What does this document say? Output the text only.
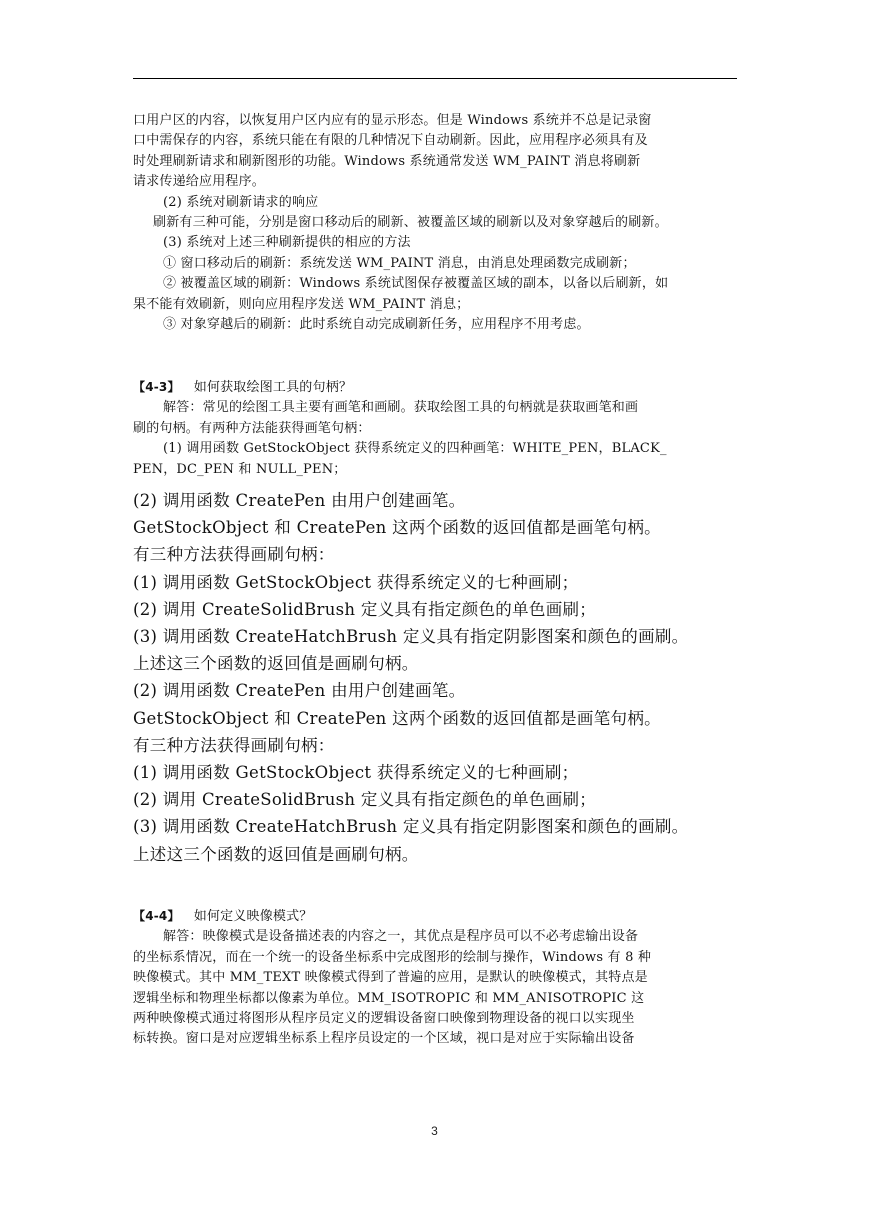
口用户区的内容，以恢复用户区内应有的显示形态。但是 Windows 系统并不总是记录窗

口中需保存的内容，系统只能在有限的几种情况下自动刷新。因此，应用程序必须具有及

时处理刷新请求和刷新图形的功能。Windows 系统通常发送 WM_PAINT 消息将刷新

请求传递给应用程序。

(2) 系统对刷新请求的响应

刷新有三种可能，分别是窗口移动后的刷新、被覆盖区域的刷新以及对象穿越后的刷新。

(3) 系统对上述三种刷新提供的相应的方法

① 窗口移动后的刷新：系统发送 WM_PAINT 消息，由消息处理函数完成刷新；

② 被覆盖区域的刷新：Windows 系统试图保存被覆盖区域的副本，以备以后刷新，如

果不能有效刷新，则向应用程序发送 WM_PAINT 消息；

③ 对象穿越后的刷新：此时系统自动完成刷新任务，应用程序不用考虑。

【4-3】 如何获取绘图工具的句柄？

解答：常见的绘图工具主要有画笔和画刷。获取绘图工具的句柄就是获取画笔和画

刷的句柄。有两种方法能获得画笔句柄：

(1) 调用函数 GetStockObject 获得系统定义的四种画笔：WHITE_PEN，BLACK_

PEN，DC_PEN 和 NULL_PEN；

(2) 调用函数 CreatePen 由用户创建画笔。

GetStockObject 和 CreatePen 这两个函数的返回值都是画笔句柄。

有三种方法获得画刷句柄：

(1) 调用函数 GetStockObject 获得系统定义的七种画刷；

(2) 调用 CreateSolidBrush 定义具有指定颜色的单色画刷；

(3) 调用函数 CreateHatchBrush 定义具有指定阴影图案和颜色的画刷。

上述这三个函数的返回值是画刷句柄。

(2) 调用函数 CreatePen 由用户创建画笔。

GetStockObject 和 CreatePen 这两个函数的返回值都是画笔句柄。

有三种方法获得画刷句柄：

(1) 调用函数 GetStockObject 获得系统定义的七种画刷；

(2) 调用 CreateSolidBrush 定义具有指定颜色的单色画刷；

(3) 调用函数 CreateHatchBrush 定义具有指定阴影图案和颜色的画刷。

上述这三个函数的返回值是画刷句柄。

【4-4】 如何定义映像模式？

解答：映像模式是设备描述表的内容之一，其优点是程序员可以不必考虑输出设备

的坐标系情况，而在一个统一的设备坐标系中完成图形的绘制与操作，Windows 有 8 种

映像模式。其中 MM_TEXT 映像模式得到了普遍的应用，是默认的映像模式，其特点是

逻辑坐标和物理坐标都以像素为单位。MM_ISOTROPIC 和 MM_ANISOTROPIC 这

两种映像模式通过将图形从程序员定义的逻辑设备窗口映像到物理设备的视口以实现坐

标转换。窗口是对应逻辑坐标系上程序员设定的一个区域，视口是对应于实际输出设备

3
